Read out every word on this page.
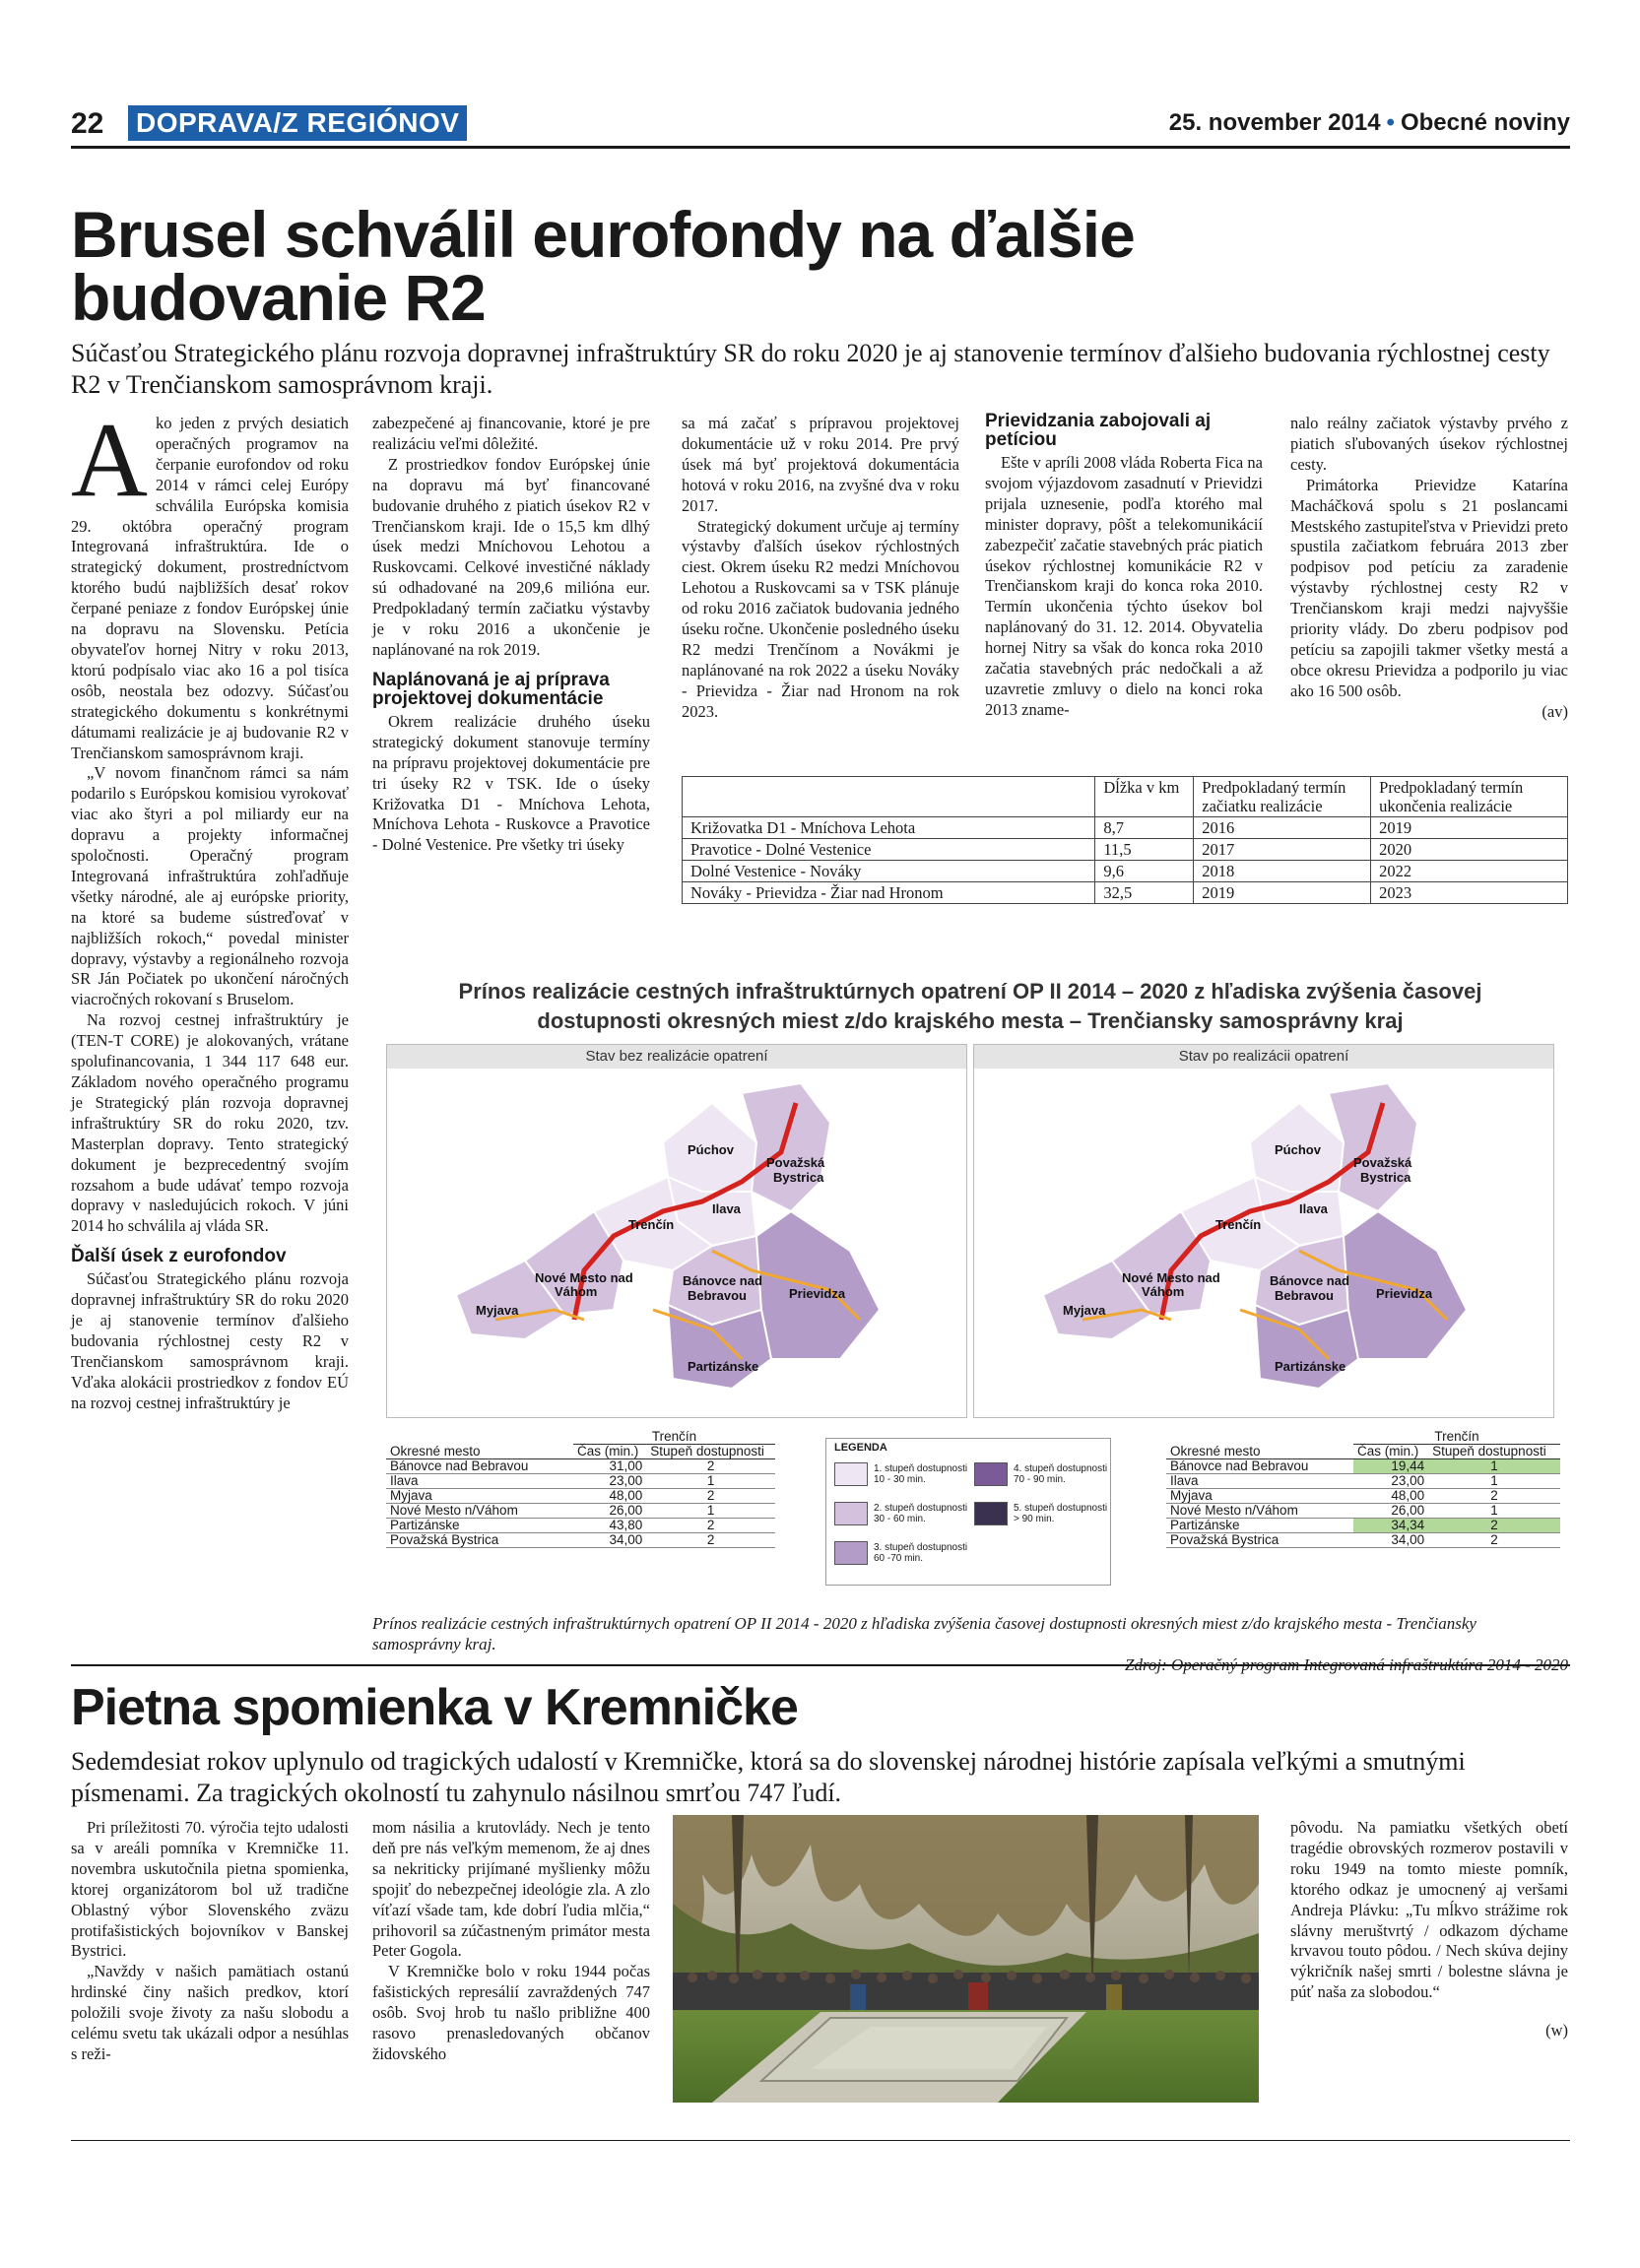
22 DOPRAVA/Z REGIÓNOV	25. november 2014 • Obecné noviny
Brusel schválil eurofondy na ďalšie
budovanie R2
Súčasťou Strategického plánu rozvoja dopravnej infraštruktúry SR do roku 2020 je aj stanovenie termínov ďalšieho budovania rýchlostnej cesty R2 v Trenčianskom samosprávnom kraji.

Ako jeden z prvých desiatich operačných programov na čerpanie eurofondov od roku 2014 v rámci celej Európy schválila Európska komisia 29. októbra operačný program Integrovaná infraštruktúra. Ide o strategický dokument, prostredníctvom ktorého budú najbližších desať rokov čerpané peniaze z fondov Európskej únie na dopravu na Slovensku. Petícia obyvateľov hornej Nitry v roku 2013, ktorú podpísalo viac ako 16 a pol tisíca osôb, neostala bez odozvy. Súčasťou strategického dokumentu s konkrétnymi dátumami realizácie je aj budovanie R2 v Trenčianskom samosprávnom kraji.

„V novom finančnom rámci sa nám podarilo s Európskou komisiou vyrokovať viac ako štyri a pol miliardy eur na dopravu a projekty informačnej spoločnosti. Operačný program Integrovaná infraštruktúra zohľadňuje všetky národné, ale aj európske priority, na ktoré sa budeme sústreďovať v najbližších rokoch,“ povedal minister dopravy, výstavby a regionálneho rozvoja SR Ján Počiatek po ukončení náročných viacročných rokovaní s Bruselom.

Na rozvoj cestnej infraštruktúry je (TEN-T CORE) je alokovaných, vrátane spolufinancovania, 1 344 117 648 eur. Základom nového operačného programu je Strategický plán rozvoja dopravnej infraštruktúry SR do roku 2020, tzv. Masterplan dopravy. Tento strategický dokument je bezprecedentný svojím rozsahom a bude udávať tempo rozvoja dopravy v nasledujúcich rokoch. V júni 2014 ho schválila aj vláda SR.

Ďalší úsek z eurofondov

Súčasťou Strategického plánu rozvoja dopravnej infraštruktúry SR do roku 2020 je aj stanovenie termínov ďalšieho budovania rýchlostnej cesty R2 v Trenčianskom samosprávnom kraji. Vďaka alokácii prostriedkov z fondov EÚ na rozvoj cestnej infraštruktúry je

zabezpečené aj financovanie, ktoré je pre realizáciu veľmi dôležité.

Z prostriedkov fondov Európskej únie na dopravu má byť financované budovanie druhého z piatich úsekov R2 v Trenčianskom kraji. Ide o 15,5 km dlhý úsek medzi Mníchovou Lehotou a Ruskovcami. Celkové investičné náklady sú odhadované na 209,6 milióna eur. Predpokladaný termín začiatku výstavby je v roku 2016 a ukončenie je naplánované na rok 2019.

Naplánovaná je aj príprava projektovej dokumentácie

Okrem realizácie druhého úseku strategický dokument stanovuje termíny na prípravu projektovej dokumentácie pre tri úseky R2 v TSK. Ide o úseky Križovatka D1 - Mníchova Lehota, Mníchova Lehota - Ruskovce a Pravotice - Dolné Vestenice. Pre všetky tri úseky

sa má začať s prípravou projektovej dokumentácie už v roku 2014. Pre prvý úsek má byť projektová dokumentácia hotová v roku 2016, na zvyšné dva v roku 2017.

Strategický dokument určuje aj termíny výstavby ďalších úsekov rýchlostných ciest. Okrem úseku R2 medzi Mníchovou Lehotou a Ruskovcami sa v TSK plánuje od roku 2016 začiatok budovania jedného úseku ročne. Ukončenie posledného úseku R2 medzi Trenčínom a Novákmi je naplánované na rok 2022 a úseku Nováky - Prievidza - Žiar nad Hronom na rok 2023.

Prievidzania zabojovali aj petíciou

Ešte v apríli 2008 vláda Roberta Fica na svojom výjazdovom zasadnutí v Prievidzi prijala uznesenie, podľa ktorého mal minister dopravy, pôšt a telekomunikácií zabezpečiť začatie stavebných prác piatich úsekov rýchlostnej komunikácie R2 v Trenčianskom kraji do konca roka 2010. Termín ukončenia týchto úsekov bol naplánovaný do 31. 12. 2014. Obyvatelia hornej Nitry sa však do konca roka 2010 začatia stavebných prác nedočkali a až uzavretie zmluvy o dielo na konci roka 2013 zname-

nalo reálny začiatok výstavby prvého z piatich sľubovaných úsekov rýchlostnej cesty.

Primátorka Prievidze Katarína Macháčková spolu s 21 poslancami Mestského zastupiteľstva v Prievidzi preto spustila začiatkom februára 2013 zber podpisov pod petíciu za zaradenie výstavby rýchlostnej cesty R2 v Trenčianskom kraji medzi najvyššie priority vlády. Do zberu podpisov pod petíciu sa zapojili takmer všetky mestá a obce okresu Prievidza a podporilo ju viac ako 16 500 osôb.

(av)

	Dĺžka v km	Predpokladaný termín začiatku realizácie	Predpokladaný termín ukončenia realizácie
Križovatka D1 - Mníchova Lehota	8,7	2016	2019
Pravotice - Dolné Vestenice	11,5	2017	2020
Dolné Vestenice - Nováky	9,6	2018	2022
Nováky - Prievidza - Žiar nad Hronom	32,5	2019	2023
Prínos realizácie cestných infraštruktúrnych opatrení OP II 2014 – 2020 z hľadiska zvýšenia časovej
dostupnosti okresných miest z/do krajského mesta – Trenčiansky samosprávny kraj
Stav bez realizácie opatrení
Púchov
Považská
Bystrica
Trenčín
Ilava
Nové Mesto nad
Váhom
Myjava
Bánovce nad
Bebravou	Prievidza
Partizánske
Stav po realizácii opatrení
Púchov
Považská
Bystrica
Trenčín
Ilava
Nové Mesto nad
Váhom
Myjava
Bánovce nad
Bebravou	Prievidza
Partizánske
Okresné mesto	Trenčín	
	Čas (min.)	Stupeň dostupnosti
Bánovce nad Bebravou	31,00	2
Ilava	23,00	1
Myjava	48,00	2
Nové Mesto n/Váhom	26,00	1
Partizánske	43,80	2
Považská Bystrica	34,00	2
LEGENDA
1. stupeň dostupnosti
10 - 30 min.
2. stupeň dostupnosti
30 - 60 min.
3. stupeň dostupnosti
60 -70 min.
4. stupeň dostupnosti
70 - 90 min.
5. stupeň dostupnosti
> 90 min.
Okresné mesto	Trenčín	
	Čas (min.)	Stupeň dostupnosti
Bánovce nad Bebravou	19,44	1
Ilava	23,00	1
Myjava	48,00	2
Nové Mesto n/Váhom	26,00	1
Partizánske	34,34	2
Považská Bystrica	34,00	2
Prínos realizácie cestných infraštruktúrnych opatrení OP II 2014 - 2020 z hľadiska zvýšenia časovej dostupnosti okresných miest z/do krajského mesta - Trenčiansky samosprávny kraj.
Zdroj: Operačný program Integrovaná infraštruktúra 2014 - 2020
Pietna spomienka v Kremničke
Sedemdesiat rokov uplynulo od tragických udalostí v Kremničke, ktorá sa do slovenskej národnej histórie zapísala veľkými a smutnými písmenami. Za tragických okolností tu zahynulo násilnou smrťou 747 ľudí.

Pri príležitosti 70. výročia tejto udalosti sa v areáli pomníka v Kremničke 11. novembra uskutočnila pietna spomienka, ktorej organizátorom bol už tradične Oblastný výbor Slovenského zväzu protifašistických bojovníkov v Banskej Bystrici.

„Navždy v našich pamätiach ostanú hrdinské činy našich predkov, ktorí položili svoje životy za našu slobodu a celému svetu tak ukázali odpor a nesúhlas s reži-

mom násilia a krutovlády. Nech je tento deň pre nás veľkým memenom, že aj dnes sa nekriticky prijímané myšlienky môžu spojiť do nebezpečnej ideológie zla. A zlo víťazí všade tam, kde dobrí ľudia mlčia,“ prihovoril sa zúčastneným primátor mesta Peter Gogola.

V Kremničke bolo v roku 1944 počas fašistických represálií zavraždených 747 osôb. Svoj hrob tu našlo približne 400 rasovo prenasledovaných občanov židovského

pôvodu. Na pamiatku všetkých obetí tragédie obrovských rozmerov postavili v roku 1949 na tomto mieste pomník, ktorého odkaz je umocnený aj veršami Andreja Plávku: „Tu mĺkvo strážime rok slávny meruštvrtý / odkazom dýchame krvavou touto pôdou. / Nech skúva dejiny výkričník našej smrti / bolestne slávna je púť naša za slobodou.“

(w)
